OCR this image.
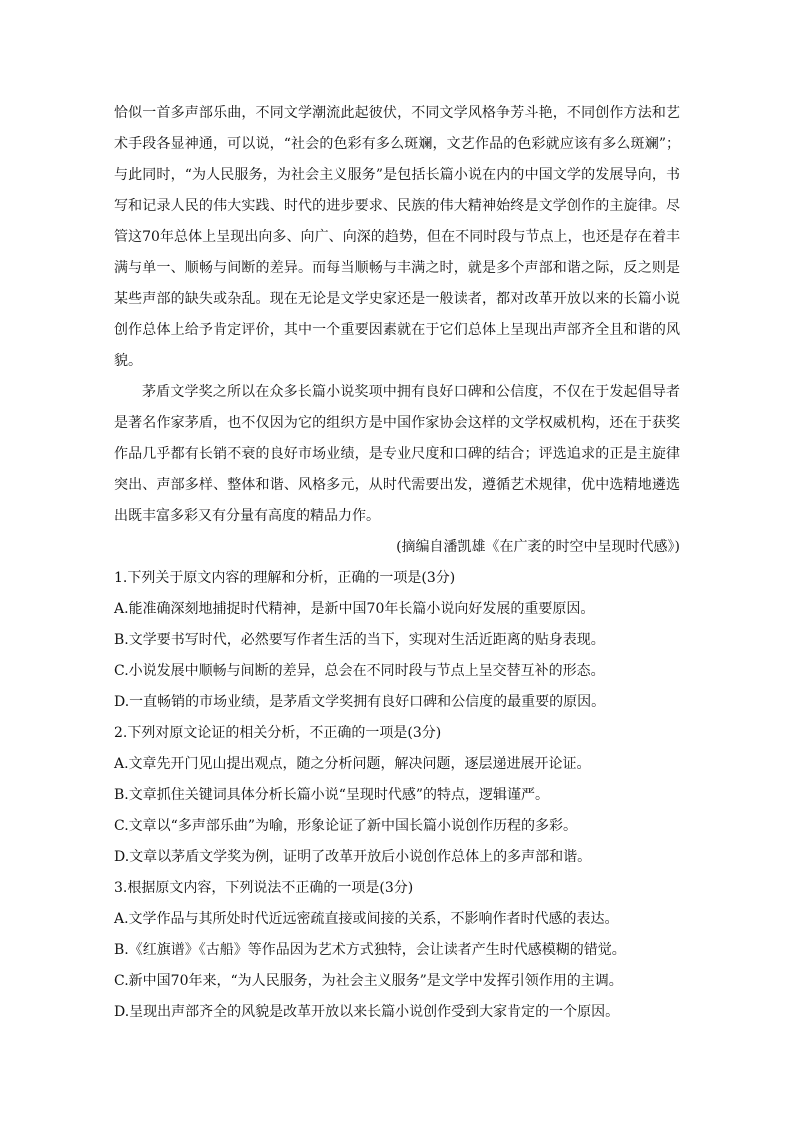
恰似一首多声部乐曲，不同文学潮流此起彼伏，不同文学风格争芳斗艳，不同创作方法和艺术手段各显神通，可以说，“社会的色彩有多么斑斓，文艺作品的色彩就应该有多么斑斓”；与此同时，“为人民服务，为社会主义服务”是包括长篇小说在内的中国文学的发展导向，书写和记录人民的伟大实践、时代的进步要求、民族的伟大精神始终是文学创作的主旋律。尽管这70年总体上呈现出向多、向广、向深的趋势，但在不同时段与节点上，也还是存在着丰满与单一、顺畅与间断的差异。而每当顺畅与丰满之时，就是多个声部和谐之际，反之则是某些声部的缺失或杂乱。现在无论是文学史家还是一般读者，都对改革开放以来的长篇小说创作总体上给予肯定评价，其中一个重要因素就在于它们总体上呈现出声部齐全且和谐的风貌。

茅盾文学奖之所以在众多长篇小说奖项中拥有良好口碑和公信度，不仅在于发起倡导者是著名作家茅盾，也不仅因为它的组织方是中国作家协会这样的文学权威机构，还在于获奖作品几乎都有长销不衰的良好市场业绩，是专业尺度和口碑的结合；评选追求的正是主旋律突出、声部多样、整体和谐、风格多元，从时代需要出发，遵循艺术规律，优中选精地遴选出既丰富多彩又有分量有高度的精品力作。

(摘编自潘凯雄《在广袤的时空中呈现时代感》)

1.下列关于原文内容的理解和分析，正确的一项是(3分)

A.能准确深刻地捕捉时代精神，是新中国70年长篇小说向好发展的重要原因。

B.文学要书写时代，必然要写作者生活的当下，实现对生活近距离的贴身表现。

C.小说发展中顺畅与间断的差异，总会在不同时段与节点上呈交替互补的形态。

D.一直畅销的市场业绩，是茅盾文学奖拥有良好口碑和公信度的最重要的原因。

2.下列对原文论证的相关分析，不正确的一项是(3分)

A.文章先开门见山提出观点，随之分析问题，解决问题，逐层递进展开论证。

B.文章抓住关键词具体分析长篇小说“呈现时代感”的特点，逻辑谨严。

C.文章以“多声部乐曲”为喻，形象论证了新中国长篇小说创作历程的多彩。

D.文章以茅盾文学奖为例，证明了改革开放后小说创作总体上的多声部和谐。

3.根据原文内容，下列说法不正确的一项是(3分)

A.文学作品与其所处时代近远密疏直接或间接的关系，不影响作者时代感的表达。

B.《红旗谱》《古船》等作品因为艺术方式独特，会让读者产生时代感模糊的错觉。

C.新中国70年来，“为人民服务，为社会主义服务”是文学中发挥引领作用的主调。

D.呈现出声部齐全的风貌是改革开放以来长篇小说创作受到大家肯定的一个原因。
